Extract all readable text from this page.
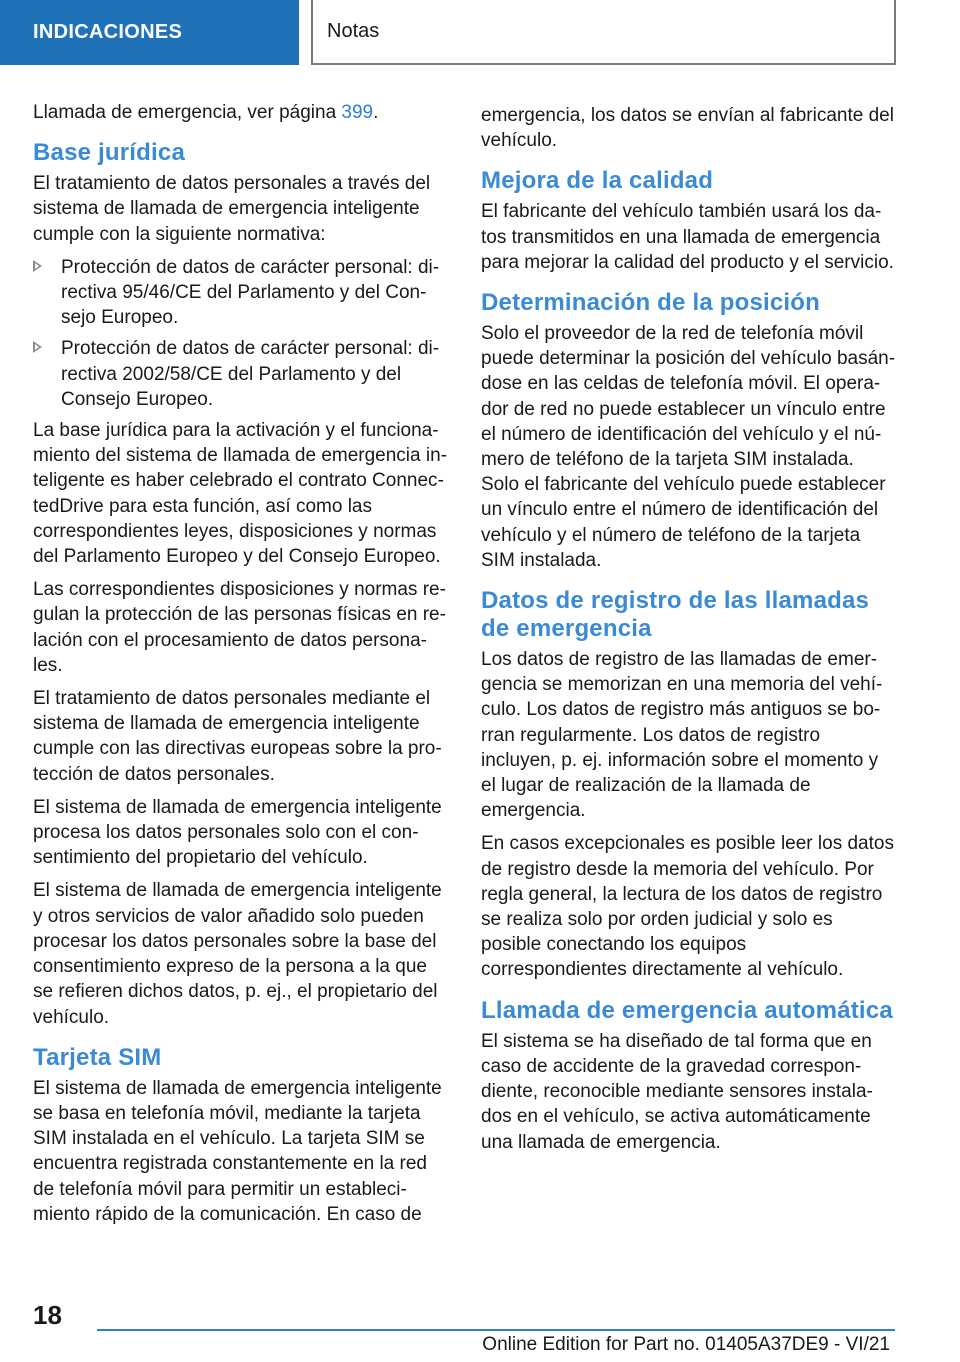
INDICACIONES	Notas

Llamada de emergencia, ver página 399.

Base jurídica

El tratamiento de datos personales a través del sistema de llamada de emergencia inteligente cumple con la siguiente normativa:

Protección de datos de carácter personal: directiva 95/46/CE del Parlamento y del Consejo Europeo.

Protección de datos de carácter personal: directiva 2002/58/CE del Parlamento y del Consejo Europeo.

La base jurídica para la activación y el funcionamiento del sistema de llamada de emergencia inteligente es haber celebrado el contrato ConnectedDrive para esta función, así como las correspondientes leyes, disposiciones y normas del Parlamento Europeo y del Consejo Europeo.

Las correspondientes disposiciones y normas regulan la protección de las personas físicas en relación con el procesamiento de datos personales.

El tratamiento de datos personales mediante el sistema de llamada de emergencia inteligente cumple con las directivas europeas sobre la protección de datos personales.

El sistema de llamada de emergencia inteligente procesa los datos personales solo con el consentimiento del propietario del vehículo.

El sistema de llamada de emergencia inteligente y otros servicios de valor añadido solo pueden procesar los datos personales sobre la base del consentimiento expreso de la persona a la que se refieren dichos datos, p. ej., el propietario del vehículo.

Tarjeta SIM

El sistema de llamada de emergencia inteligente se basa en telefonía móvil, mediante la tarjeta SIM instalada en el vehículo. La tarjeta SIM se encuentra registrada constantemente en la red de telefonía móvil para permitir un establecimiento rápido de la comunicación. En caso de

emergencia, los datos se envían al fabricante del vehículo.

Mejora de la calidad

El fabricante del vehículo también usará los datos transmitidos en una llamada de emergencia para mejorar la calidad del producto y el servicio.

Determinación de la posición

Solo el proveedor de la red de telefonía móvil puede determinar la posición del vehículo basándose en las celdas de telefonía móvil. El operador de red no puede establecer un vínculo entre el número de identificación del vehículo y el número de teléfono de la tarjeta SIM instalada. Solo el fabricante del vehículo puede establecer un vínculo entre el número de identificación del vehículo y el número de teléfono de la tarjeta SIM instalada.

Datos de registro de las llamadas de emergencia

Los datos de registro de las llamadas de emergencia se memorizan en una memoria del vehículo. Los datos de registro más antiguos se borran regularmente. Los datos de registro incluyen, p. ej. información sobre el momento y el lugar de realización de la llamada de emergencia.

En casos excepcionales es posible leer los datos de registro desde la memoria del vehículo. Por regla general, la lectura de los datos de registro se realiza solo por orden judicial y solo es posible conectando los equipos correspondientes directamente al vehículo.

Llamada de emergencia automática

El sistema se ha diseñado de tal forma que en caso de accidente de la gravedad correspondiente, reconocible mediante sensores instalados en el vehículo, se activa automáticamente una llamada de emergencia.

18
Online Edition for Part no. 01405A37DE9 - VI/21
